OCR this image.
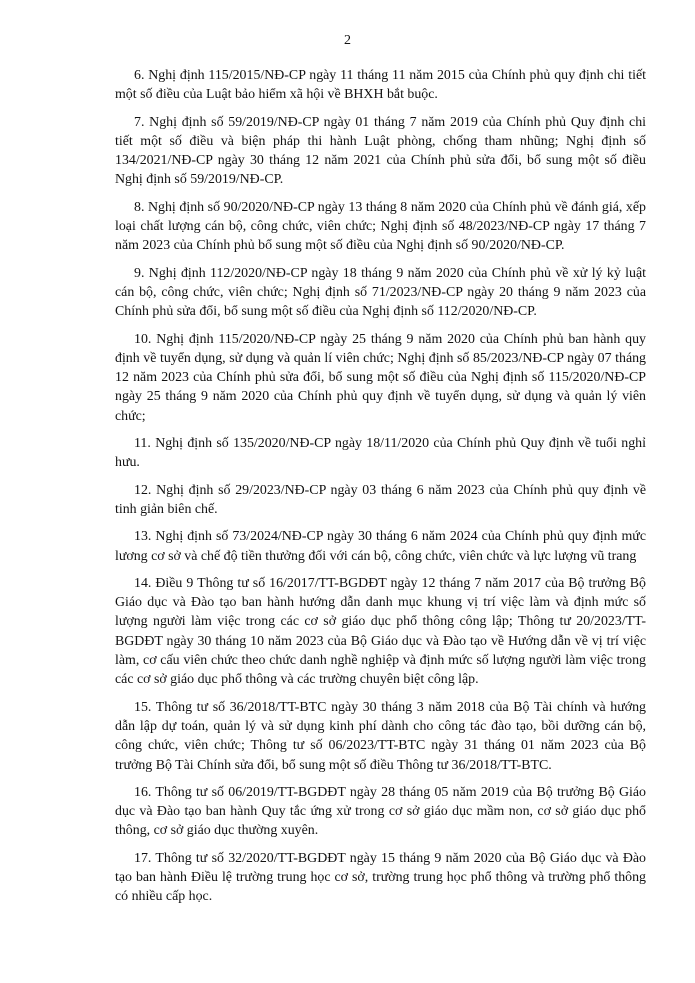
2

6. Nghị định 115/2015/NĐ-CP ngày 11 tháng 11 năm 2015 của Chính phủ quy định chi tiết một số điều của Luật bảo hiểm xã hội về BHXH bắt buộc.

7. Nghị định số 59/2019/NĐ-CP ngày 01 tháng 7 năm 2019 của Chính phủ Quy định chi tiết một số điều và biện pháp thi hành Luật phòng, chống tham nhũng; Nghị định số 134/2021/NĐ-CP ngày 30 tháng 12 năm 2021 của Chính phủ sửa đổi, bổ sung một số điều Nghị định số 59/2019/NĐ-CP.

8. Nghị định số 90/2020/NĐ-CP ngày 13 tháng 8 năm 2020 của Chính phủ về đánh giá, xếp loại chất lượng cán bộ, công chức, viên chức; Nghị định số 48/2023/NĐ-CP ngày 17 tháng 7 năm 2023 của Chính phủ bổ sung một số điều của Nghị định số 90/2020/NĐ-CP.

9. Nghị định 112/2020/NĐ-CP ngày 18 tháng 9 năm 2020 của Chính phủ về xử lý kỷ luật cán bộ, công chức, viên chức; Nghị định số 71/2023/NĐ-CP ngày 20 tháng 9 năm 2023 của Chính phủ sửa đổi, bổ sung một số điều của Nghị định số 112/2020/NĐ-CP.

10. Nghị định 115/2020/NĐ-CP ngày 25 tháng 9 năm 2020 của Chính phủ ban hành quy định về tuyển dụng, sử dụng và quản lí viên chức; Nghị định số 85/2023/NĐ-CP ngày 07 tháng 12 năm 2023 của Chính phủ sửa đổi, bổ sung một số điều của Nghị định số 115/2020/NĐ-CP ngày 25 tháng 9 năm 2020 của Chính phủ quy định về tuyển dụng, sử dụng và quản lý viên chức;

11. Nghị định số 135/2020/NĐ-CP ngày 18/11/2020 của Chính phủ Quy định về tuổi nghỉ hưu.

12. Nghị định số 29/2023/NĐ-CP ngày 03 tháng 6 năm 2023 của Chính phủ quy định về tinh giản biên chế.

13. Nghị định số 73/2024/NĐ-CP ngày 30 tháng 6 năm 2024 của Chính phủ quy định mức lương cơ sở và chế độ tiền thưởng đối với cán bộ, công chức, viên chức và lực lượng vũ trang

14. Điều 9 Thông tư số 16/2017/TT-BGDĐT ngày 12 tháng 7 năm 2017 của Bộ trưởng Bộ Giáo dục và Đào tạo ban hành hướng dẫn danh mục khung vị trí việc làm và định mức số lượng người làm việc trong các cơ sở giáo dục phổ thông công lập; Thông tư 20/2023/TT-BGDĐT ngày 30 tháng 10 năm 2023 của Bộ Giáo dục và Đào tạo về Hướng dẫn về vị trí việc làm, cơ cấu viên chức theo chức danh nghề nghiệp và định mức số lượng người làm việc trong các cơ sở giáo dục phổ thông và các trường chuyên biệt công lập.

15. Thông tư số 36/2018/TT-BTC ngày 30 tháng 3 năm 2018 của Bộ Tài chính và hướng dẫn lập dự toán, quản lý và sử dụng kinh phí dành cho công tác đào tạo, bồi dưỡng cán bộ, công chức, viên chức; Thông tư số 06/2023/TT-BTC ngày 31 tháng 01 năm 2023 của Bộ trưởng Bộ Tài Chính sửa đổi, bổ sung một số điều Thông tư 36/2018/TT-BTC.

16. Thông tư số 06/2019/TT-BGDĐT ngày 28 tháng 05 năm 2019 của Bộ trưởng Bộ Giáo dục và Đào tạo ban hành Quy tắc ứng xử trong cơ sở giáo dục mầm non, cơ sở giáo dục phổ thông, cơ sở giáo dục thường xuyên.

17. Thông tư số 32/2020/TT-BGDĐT ngày 15 tháng 9 năm 2020 của Bộ Giáo dục và Đào tạo ban hành Điều lệ trường trung học cơ sở, trường trung học phổ thông và trường phổ thông có nhiều cấp học.
